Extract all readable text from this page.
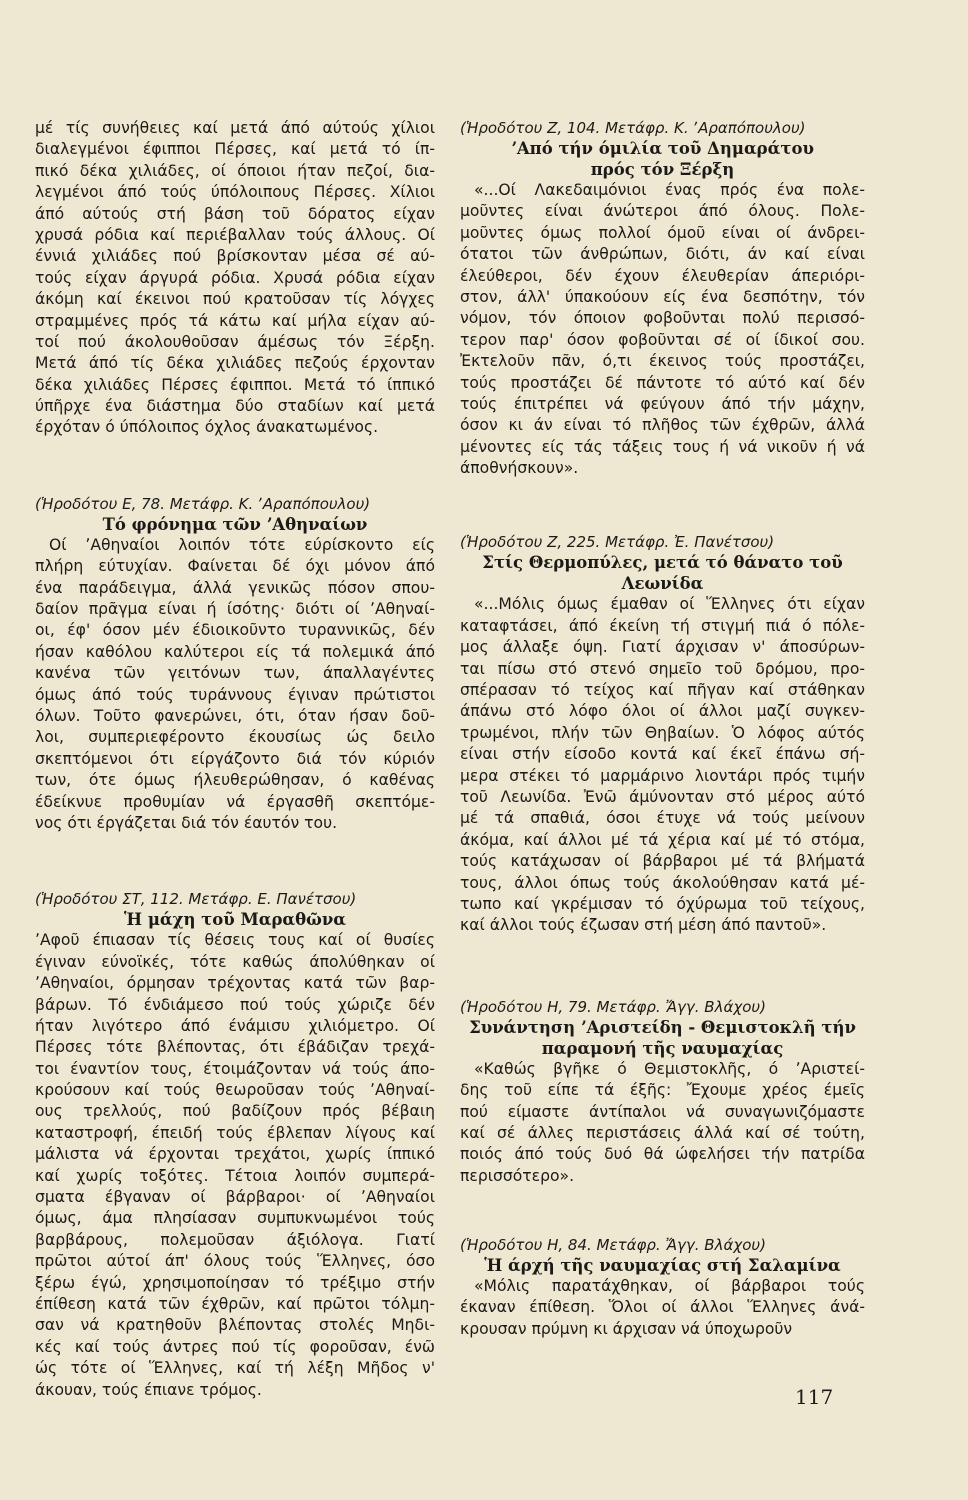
μέ τίς συνήθειες καί μετά άπό αύτούς χίλιοι
διαλεγμένοι έφιπποι Πέρσες, καί μετά τό ίπ-
πικό δέκα χιλιάδες, οί όποιοι ήταν πεζοί, δια-
λεγμένοι άπό τούς ύπόλοιπους Πέρσες. Χίλιοι
άπό αύτούς στή βάση τοῦ δόρατος είχαν
χρυσά ρόδια καί περιέβαλλαν τούς άλλους. Οί
έννιά χιλιάδες πού βρίσκονταν μέσα σέ αύ-
τούς είχαν άργυρά ρόδια. Χρυσά ρόδια είχαν
άκόμη καί έκεινοι πού κρατοῦσαν τίς λόγχες
στραμμένες πρός τά κάτω καί μήλα είχαν αύ-
τοί πού άκολουθοῦσαν άμέσως τόν Ξέρξη.
Μετά άπό τίς δέκα χιλιάδες πεζούς έρχονταν
δέκα χιλιάδες Πέρσες έφιπποι. Μετά τό ίππικό
ύπῆρχε ένα διάστημα δύο σταδίων καί μετά
έρχόταν ό ύπόλοιπος όχλος άνακατωμένος.
(Ἡροδότου Ε, 78. Μετάφρ. Κ. ʼΑραπόπουλου)
Τό φρόνημα τῶν ʼΑθηναίων
Οί ʼΑθηναίοι λοιπόν τότε εύρίσκοντο είς
πλήρη εύτυχίαν. Φαίνεται δέ όχι μόνον άπό
ένα παράδειγμα, άλλά γενικῶς πόσον σπου-
δαίον πρᾶγμα είναι ή ίσότης· διότι οί ʼΑθηναί-
οι, έφ' όσον μέν έδιοικοῦντο τυραννικῶς, δέν
ήσαν καθόλου καλύτεροι είς τά πολεμικά άπό
κανένα τῶν γειτόνων των, άπαλλαγέντες
όμως άπό τούς τυράννους έγιναν πρώτιστοι
όλων. Τοῦτο φανερώνει, ότι, όταν ήσαν δοῦ-
λοι, συμπεριεφέροντο έκουσίως ώς δειλο
σκεπτόμενοι ότι είργάζοντο διά τόν κύριόν
των, ότε όμως ήλευθερώθησαν, ό καθένας
έδείκνυε προθυμίαν νά έργασθῆ σκεπτόμε-
νος ότι έργάζεται διά τόν έαυτόν του.
(Ἡροδότου ΣΤ, 112. Μετάφρ. Ε. Πανέτσου)
Ἡ μάχη τοῦ Μαραθῶνα
ʼΑφοῦ έπιασαν τίς θέσεις τους καί οί θυσίες
έγιναν εύνοϊκές, τότε καθώς άπολύθηκαν οί
ʼΑθηναίοι, όρμησαν τρέχοντας κατά τῶν βαρ-
βάρων. Τό ένδιάμεσο πού τούς χώριζε δέν
ήταν λιγότερο άπό ένάμισυ χιλιόμετρο. Οί
Πέρσες τότε βλέποντας, ότι έβάδιζαν τρεχά-
τοι έναντίον τους, έτοιμάζονταν νά τούς άπο-
κρούσουν καί τούς θεωροῦσαν τούς ʼΑθηναί-
ους τρελλούς, πού βαδίζουν πρός βέβαιη
καταστροφή, έπειδή τούς έβλεπαν λίγους καί
μάλιστα νά έρχονται τρεχάτοι, χωρίς ίππικό
καί χωρίς τοξότες. Τέτοια λοιπόν συμπερά-
σματα έβγαναν οί βάρβαροι· οί ʼΑθηναίοι
όμως, άμα πλησίασαν συμπυκνωμένοι τούς
βαρβάρους, πολεμοῦσαν άξιόλογα. Γιατί
πρῶτοι αύτοί άπ' όλους τούς Ἕλληνες, όσο
ξέρω έγώ, χρησιμοποίησαν τό τρέξιμο στήν
έπίθεση κατά τῶν έχθρῶν, καί πρῶτοι τόλμη-
σαν νά κρατηθοῦν βλέποντας στολές Μηδι-
κές καί τούς άντρες πού τίς φοροῦσαν, ένῶ
ώς τότε οί Ἕλληνες, καί τή λέξη Μῆδος ν'
άκουαν, τούς έπιανε τρόμος.
(Ἡροδότου Ζ, 104. Μετάφρ. Κ. ʼΑραπόπουλου)
ʼΑπό τήν όμιλία τοῦ Δημαράτου
πρός τόν Ξέρξη
«...Οί Λακεδαιμόνιοι ένας πρός ένα πολε-
μοῦντες είναι άνώτεροι άπό όλους. Πολε-
μοῦντες όμως πολλοί όμοῦ είναι οί άνδρει-
ότατοι τῶν άνθρώπων, διότι, άν καί είναι
έλεύθεροι, δέν έχουν έλευθερίαν άπεριόρι-
στον, άλλ' ύπακούουν είς ένα δεσπότην, τόν
νόμον, τόν όποιον φοβοῦνται πολύ περισσό-
τερον παρ' όσον φοβοῦνται σέ οί ίδικοί σου.
Ἐκτελοῦν πᾶν, ό,τι έκεινος τούς προστάζει,
τούς προστάζει δέ πάντοτε τό αύτό καί δέν
τούς έπιτρέπει νά φεύγουν άπό τήν μάχην,
όσον κι άν είναι τό πλῆθος τῶν έχθρῶν, άλλά
μένοντες είς τάς τάξεις τους ή νά νικοῦν ή νά
άποθνήσκουν».
(Ἡροδότου Ζ, 225. Μετάφρ. Ἐ. Πανέτσου)
Στίς Θερμοπύλες, μετά τό θάνατο τοῦ
Λεωνίδα
«...Μόλις όμως έμαθαν οί Ἕλληνες ότι είχαν
καταφτάσει, άπό έκείνη τή στιγμή πιά ό πόλε-
μος άλλαξε όψη. Γιατί άρχισαν ν' άποσύρων-
ται πίσω στό στενό σημεῖο τοῦ δρόμου, προ-
σπέρασαν τό τείχος καί πῆγαν καί στάθηκαν
άπάνω στό λόφο όλοι οί άλλοι μαζί συγκεν-
τρωμένοι, πλήν τῶν Θηβαίων. Ὁ λόφος αύτός
είναι στήν είσοδο κοντά καί έκεῖ έπάνω σή-
μερα στέκει τό μαρμάρινο λιοντάρι πρός τιμήν
τοῦ Λεωνίδα. Ἐνῶ άμύνονταν στό μέρος αύτό
μέ τά σπαθιά, όσοι έτυχε νά τούς μείνουν
άκόμα, καί άλλοι μέ τά χέρια καί μέ τό στόμα,
τούς κατάχωσαν οί βάρβαροι μέ τά βλήματά
τους, άλλοι όπως τούς άκολούθησαν κατά μέ-
τωπο καί γκρέμισαν τό όχύρωμα τοῦ τείχους,
καί άλλοι τούς έζωσαν στή μέση άπό παντοῦ».
(Ἡροδότου Η, 79. Μετάφρ. Ἄγγ. Βλάχου)
Συνάντηση ʼΑριστείδη - Θεμιστοκλῆ τήν
παραμονή τῆς ναυμαχίας
«Καθώς βγῆκε ό Θεμιστοκλῆς, ό ʼΑριστεί-
δης τοῦ είπε τά έξῆς: Ἔχουμε χρέος έμεῖς
πού είμαστε άντίπαλοι νά συναγωνιζόμαστε
καί σέ άλλες περιστάσεις άλλά καί σέ τούτη,
ποιός άπό τούς δυό θά ώφελήσει τήν πατρίδα
περισσότερο».
(Ἡροδότου Η, 84. Μετάφρ. Ἄγγ. Βλάχου)
Ἡ άρχή τῆς ναυμαχίας στή Σαλαμίνα
«Μόλις παρατάχθηκαν, οί βάρβαροι τούς
έκαναν έπίθεση. Ὅλοι οί άλλοι Ἕλληνες άνά-
κρουσαν πρύμνη κι άρχισαν νά ύποχωροῦν
117
